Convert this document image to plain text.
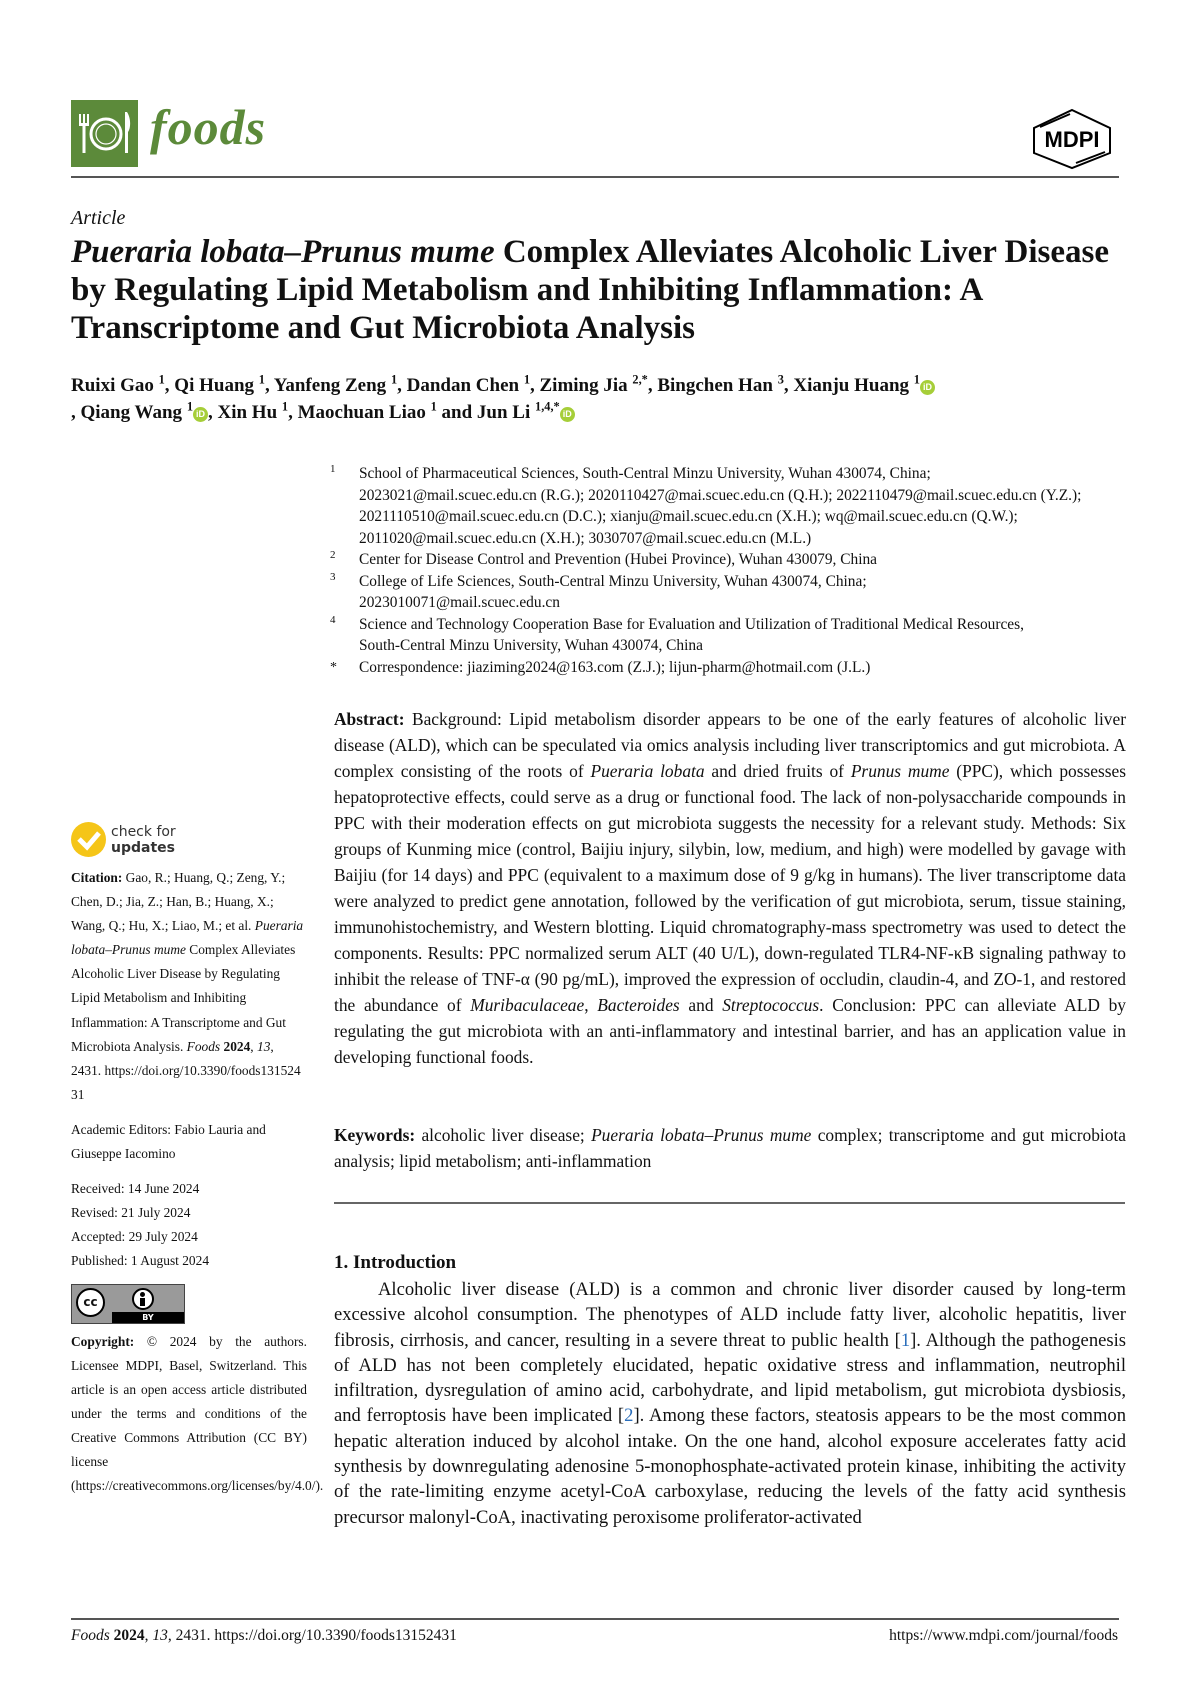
foods	MDPI
Article
Pueraria lobata–Prunus mume Complex Alleviates Alcoholic Liver Disease by Regulating Lipid Metabolism and Inhibiting Inflammation: A Transcriptome and Gut Microbiota Analysis
Ruixi Gao $^1$, Qi Huang $^1$, Yanfeng Zeng $^1$, Dandan Chen $^1$, Ziming Jia $^{2,*}$, Bingchen Han $^3$, Xianju Huang $^1$iD
, Qiang Wang $^1$iD , Xin Hu $^1$, Maochuan Liao $^1$ and Jun Li $^{1,4,*}$iD
1 School of Pharmaceutical Sciences, South-Central Minzu University, Wuhan 430074, China;
2023021@mail.scuec.edu.cn (R.G.); 2020110427@mai.scuec.edu.cn (Q.H.); 2022110479@mail.scuec.edu.cn (Y.Z.);
2021110510@mail.scuec.edu.cn (D.C.); xianju@mail.scuec.edu.cn (X.H.); wq@mail.scuec.edu.cn (Q.W.);
2011020@mail.scuec.edu.cn (X.H.); 3030707@mail.scuec.edu.cn (M.L.)
2 Center for Disease Control and Prevention (Hubei Province), Wuhan 430079, China
3 College of Life Sciences, South-Central Minzu University, Wuhan 430074, China;
2023010071@mail.scuec.edu.cn
4 Science and Technology Cooperation Base for Evaluation and Utilization of Traditional Medical Resources,
South-Central Minzu University, Wuhan 430074, China
* Correspondence: jiaziming2024@163.com (Z.J.); lijun-pharm@hotmail.com (J.L.)
Abstract: Background: Lipid metabolism disorder appears to be one of the early features of alcoholic liver disease (ALD), which can be speculated via omics analysis including liver transcriptomics and gut microbiota. A complex consisting of the roots of Pueraria lobata and dried fruits of Prunus mume (PPC), which possesses hepatoprotective effects, could serve as a drug or functional food. The lack of non-polysaccharide compounds in PPC with their moderation effects on gut microbiota suggests the necessity for a relevant study. Methods: Six groups of Kunming mice (control, Baijiu injury, silybin, low, medium, and high) were modelled by gavage with Baijiu (for 14 days) and PPC (equivalent to a maximum dose of 9 g/kg in humans). The liver transcriptome data were analyzed to predict gene annotation, followed by the verification of gut microbiota, serum, tissue staining, immunohistochemistry, and Western blotting. Liquid chromatography-mass spectrometry was used to detect the components. Results: PPC normalized serum ALT (40 U/L), down-regulated TLR4-NF-κB signaling pathway to inhibit the release of TNF-α (90 pg/mL), improved the expression of occludin, claudin-4, and ZO-1, and restored the abundance of Muribaculaceae, Bacteroides and Streptococcus. Conclusion: PPC can alleviate ALD by regulating the gut microbiota with an anti-inflammatory and intestinal barrier, and has an application value in developing functional foods.
Keywords: alcoholic liver disease; Pueraria lobata–Prunus mume complex; transcriptome and gut microbiota analysis; lipid metabolism; anti-inflammation
1. Introduction
Alcoholic liver disease (ALD) is a common and chronic liver disorder caused by long-term excessive alcohol consumption. The phenotypes of ALD include fatty liver, alcoholic hepatitis, liver fibrosis, cirrhosis, and cancer, resulting in a severe threat to public health [1]. Although the pathogenesis of ALD has not been completely elucidated, hepatic oxidative stress and inflammation, neutrophil infiltration, dysregulation of amino acid, carbohydrate, and lipid metabolism, gut microbiota dysbiosis, and ferroptosis have been implicated [2]. Among these factors, steatosis appears to be the most common hepatic alteration induced by alcohol intake. On the one hand, alcohol exposure accelerates fatty acid synthesis by downregulating adenosine 5-monophosphate-activated protein kinase, inhibiting the activity of the rate-limiting enzyme acetyl-CoA carboxylase, reducing the levels of the fatty acid synthesis precursor malonyl-CoA, inactivating peroxisome proliferator-activated
check for
updates

Citation: Gao, R.; Huang, Q.; Zeng, Y.; Chen, D.; Jia, Z.; Han, B.; Huang, X.; Wang, Q.; Hu, X.; Liao, M.; et al. Pueraria lobata–Prunus mume Complex Alleviates Alcoholic Liver Disease by Regulating Lipid Metabolism and Inhibiting Inflammation: A Transcriptome and Gut Microbiota Analysis. Foods 2024, 13, 2431. https://doi.org/10.3390/foods13152431

Academic Editors: Fabio Lauria and Giuseppe Iacomino

Received: 14 June 2024
Revised: 21 July 2024
Accepted: 29 July 2024
Published: 1 August 2024
cc
BY

Copyright: © 2024 by the authors. Licensee MDPI, Basel, Switzerland. This article is an open access article distributed under the terms and conditions of the Creative Commons Attribution (CC BY) license (https://creativecommons.org/licenses/by/4.0/).

Foods 2024, 13, 2431. https://doi.org/10.3390/foods13152431	https://www.mdpi.com/journal/foods
